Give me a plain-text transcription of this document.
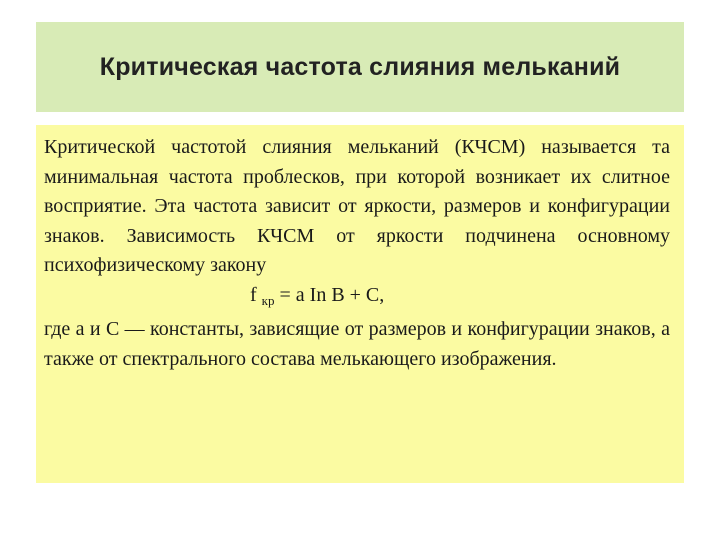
Критическая частота слияния мельканий

Критической частотой слияния мельканий (КЧСМ) называется та минимальная частота проблесков, при которой возникает их слитное восприятие. Эта частота зависит от яркости, размеров и конфигурации знаков. Зависимость КЧСМ от яркости подчинена основному психофизическому закону

f $_{кр}$ = a In B + C,

где a и C — константы, зависящие от размеров и конфигурации знаков, а также от спектрального состава мелькающего изображения.
